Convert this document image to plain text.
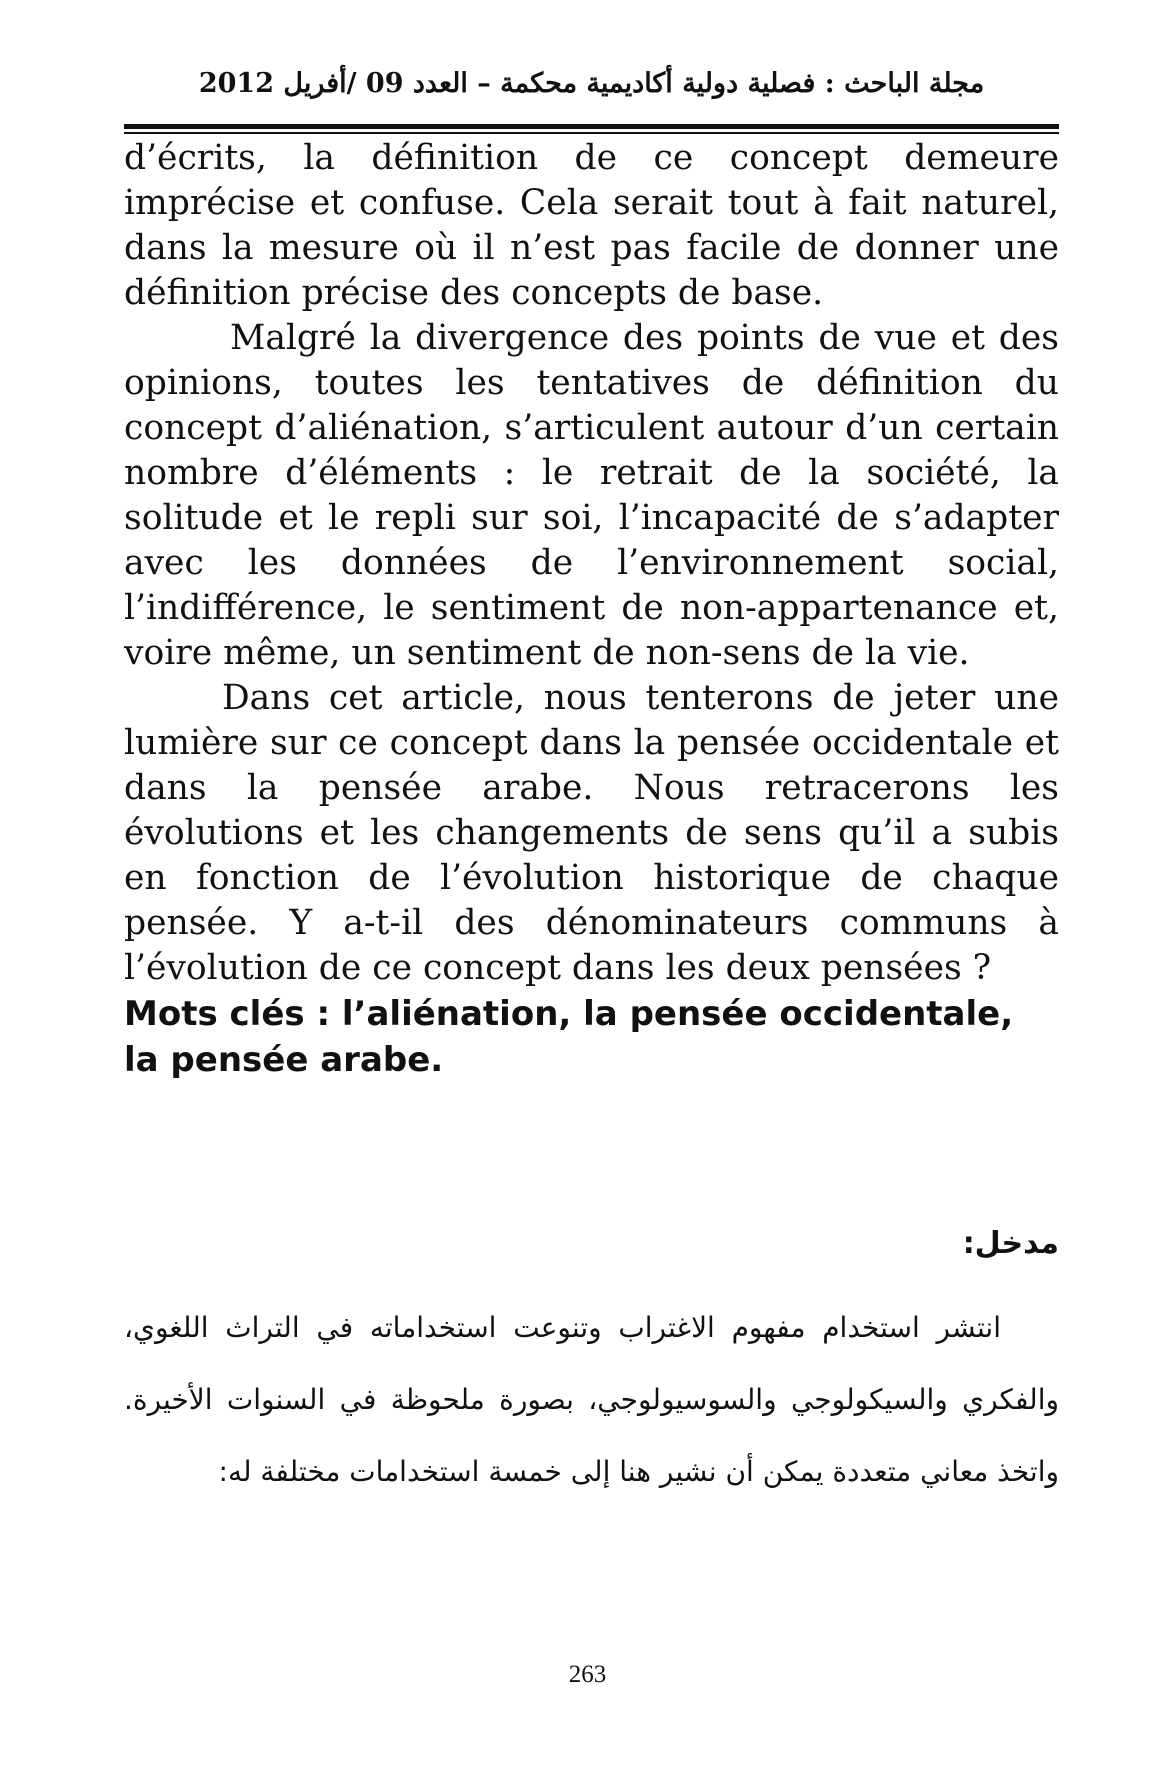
مجلة الباحث : فصلية دولية أكاديمية محكمة – العدد 09 /أفريل 2012

d’écrits, la définition de ce concept demeure imprécise et confuse. Cela serait tout à fait naturel, dans la mesure où il n’est pas facile de donner une définition précise des concepts de base.

Malgré la divergence des points de vue et des opinions, toutes les tentatives de définition du concept d’aliénation, s’articulent autour d’un certain nombre d’éléments : le retrait de la société, la solitude et le repli sur soi, l’incapacité de s’adapter avec les données de l’environnement social, l’indifférence, le sentiment de non-appartenance et, voire même, un sentiment de non-sens de la vie.

Dans cet article, nous tenterons de jeter une lumière sur ce concept dans la pensée occidentale et dans la pensée arabe. Nous retracerons les évolutions et les changements de sens qu’il a subis en fonction de l’évolution historique de chaque pensée. Y a-t-il des dénominateurs communs à l’évolution de ce concept dans les deux pensées ?

Mots clés : l’aliénation, la pensée occidentale, la pensée arabe.

مدخل:

انتشر استخدام مفهوم الاغتراب وتنوعت استخداماته في التراث اللغوي، والفكري والسيكولوجي والسوسيولوجي، بصورة ملحوظة في السنوات الأخيرة. واتخذ معاني متعددة يمكن أن نشير هنا إلى خمسة استخدامات مختلفة له:

263
